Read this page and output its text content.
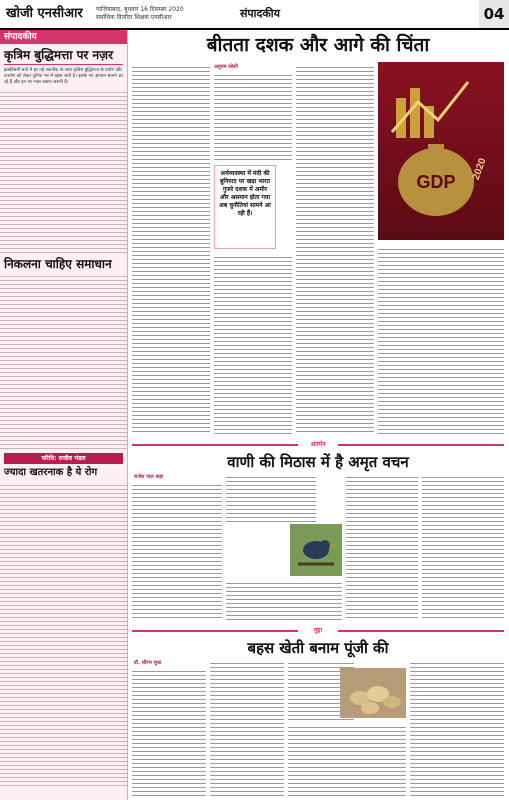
खोजी एनसीआर गाज़ियाबाद, बुधवार 16 दिसम्बर 2020
सर्वाधिक वितरित शिक्षक एनसीआर	संपादकीय	04
संपादकीय
कृत्रिम बुद्धिमत्ता पर नज़र
इक्कीसवीं सदी में हर नई तकनीक के साथ कृत्रिम बुद्धिमत्ता के प्रयोग और उपयोग को लेकर दुनिया भर में बहस जारी है। इसके नए आयाम सामने आ रहे हैं और इन पर नजर रखना जरूरी है।
निकलना चाहिए समाधान
परिधि: राजीव भंडल
ज्यादा खतरनाक है ये रोग
बीतता दशक और आगे की चिंता
अनुपम जोशी
अर्थव्यवस्था में मंदी की बुनियाद पर खड़ा भारत गुजरे दशक में अमीर और असमान होता गया अब चुनौतियां सामने आ रही हैं।
GDP
2020
अंतर्मन
वाणी की मिठास में है अमृत वचन
राजेश पाल कड़ा
मुद्दा
बहस खेती बनाम पूंजी की
डॉ. सौरभ सुधा
